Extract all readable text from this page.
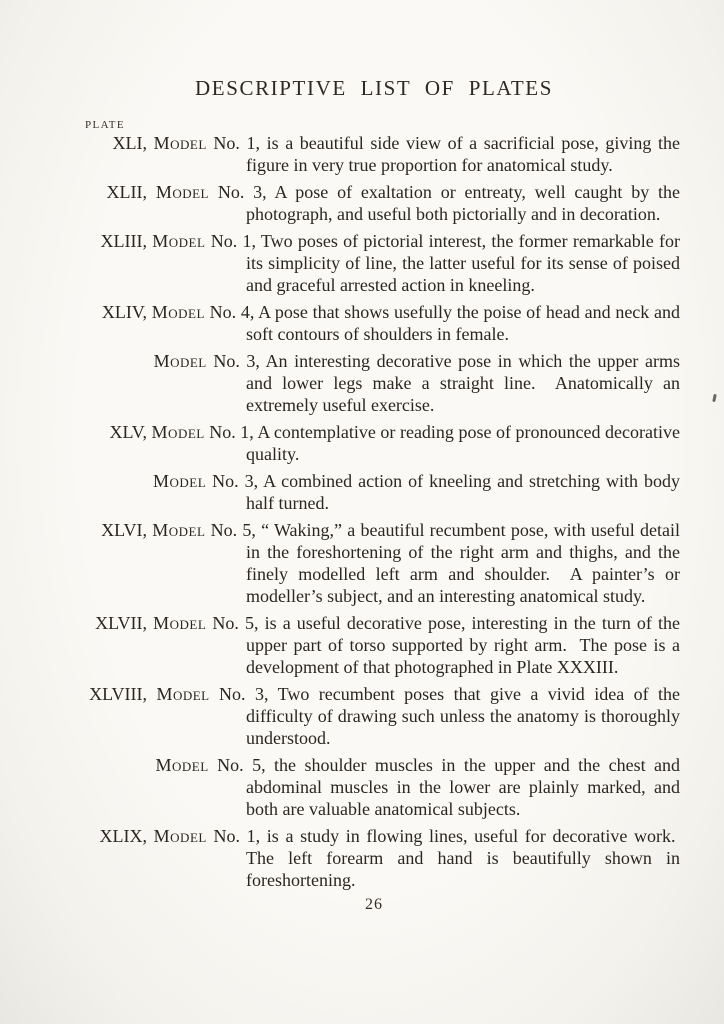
DESCRIPTIVE LIST OF PLATES
PLATE

XLI, Model No. 1, is a beautiful side view of a sacrificial pose, giving the figure in very true proportion for anatomical study.

XLII, Model No. 3, A pose of exaltation or entreaty, well caught by the photograph, and useful both pictorially and in decoration.

XLIII, Model No. 1, Two poses of pictorial interest, the former remarkable for its simplicity of line, the latter useful for its sense of poised and graceful arrested action in kneeling.

XLIV, Model No. 4, A pose that shows usefully the poise of head and neck and soft contours of shoulders in female.

Model No. 3, An interesting decorative pose in which the upper arms and lower legs make a straight line.  Anatomically an extremely useful exercise.

XLV, Model No. 1, A contemplative or reading pose of pronounced decorative quality.

Model No. 3, A combined action of kneeling and stretching with body half turned.

XLVI, Model No. 5, “ Waking,” a beautiful recumbent pose, with useful detail in the foreshortening of the right arm and thighs, and the finely modelled left arm and shoulder.  A painter’s or modeller’s subject, and an interesting anatomical study.

XLVII, Model No. 5, is a useful decorative pose, interesting in the turn of the upper part of torso supported by right arm.  The pose is a development of that photographed in Plate XXXIII.

XLVIII, Model No. 3, Two recumbent poses that give a vivid idea of the difficulty of drawing such unless the anatomy is thoroughly understood.

Model No. 5, the shoulder muscles in the upper and the chest and abdominal muscles in the lower are plainly marked, and both are valuable anatomical subjects.

XLIX, Model No. 1, is a study in flowing lines, useful for decorative work.  The left forearm and hand is beautifully shown in foreshortening.

26
